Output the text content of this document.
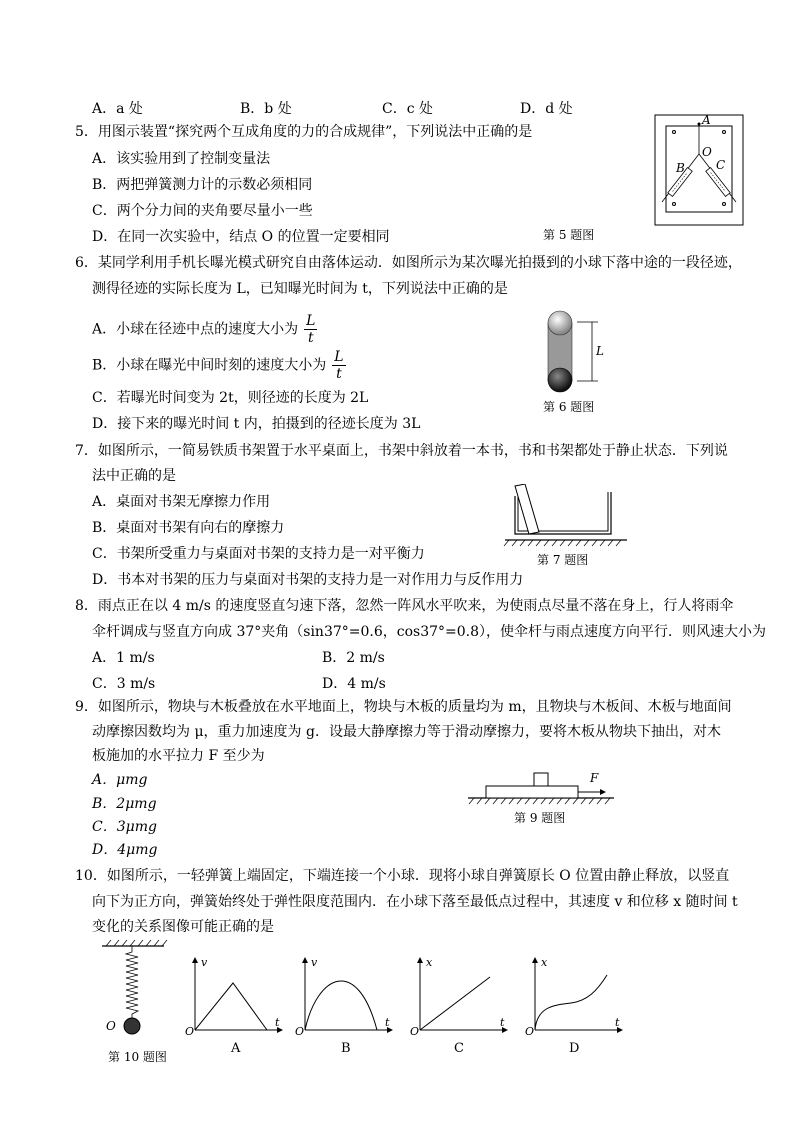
A．a 处	B．b 处	C．c 处	D．d 处
5．用图示装置“探究两个互成角度的力的合成规律”，下列说法中正确的是
A．该实验用到了控制变量法
B．两把弹簧测力计的示数必须相同
C．两个分力间的夹角要尽量小一些
D．在同一次实验中，结点 O 的位置一定要相同
A
O
B	C
第 5 题图
6．某同学利用手机长曝光模式研究自由落体运动．如图所示为某次曝光拍摄到的小球下落中途的一段径迹，
测得径迹的实际长度为 L，已知曝光时间为 t，下列说法中正确的是
A．小球在径迹中点的速度大小为 $\frac{L}{t}$
B．小球在曝光中间时刻的速度大小为 $\frac{L}{t}$
C．若曝光时间变为 2t，则径迹的长度为 2L
D．接下来的曝光时间 t 内，拍摄到的径迹长度为 3L
L
第 6 题图
7．如图所示，一简易铁质书架置于水平桌面上，书架中斜放着一本书，书和书架都处于静止状态．下列说
法中正确的是
A．桌面对书架无摩擦力作用
B．桌面对书架有向右的摩擦力
C．书架所受重力与桌面对书架的支持力是一对平衡力
D．书本对书架的压力与桌面对书架的支持力是一对作用力与反作用力
第 7 题图
8．雨点正在以 4 m/s 的速度竖直匀速下落，忽然一阵风水平吹来，为使雨点尽量不落在身上，行人将雨伞
伞杆调成与竖直方向成 37°夹角（sin37°=0.6，cos37°=0.8），使伞杆与雨点速度方向平行．则风速大小为
A．1 m/s	B．2 m/s
C．3 m/s	D．4 m/s
9．如图所示，物块与木板叠放在水平地面上，物块与木板的质量均为 m，且物块与木板间、木板与地面间
动摩擦因数均为 μ，重力加速度为 g．设最大静摩擦力等于滑动摩擦力，要将木板从物块下抽出，对木
板施加的水平拉力 F 至少为
A．μmg
B．2μmg
C．3μmg
D．4μmg
F
第 9 题图
10．如图所示，一轻弹簧上端固定，下端连接一个小球．现将小球自弹簧原长 O 位置由静止释放，以竖直
向下为正方向，弹簧始终处于弹性限度范围内．在小球下落至最低点过程中，其速度 v 和位移 x 随时间 t
变化的关系图像可能正确的是
O
第 10 题图
v
t
O
A
v
t
O
B
x
t
O
C
x
t
O
D
